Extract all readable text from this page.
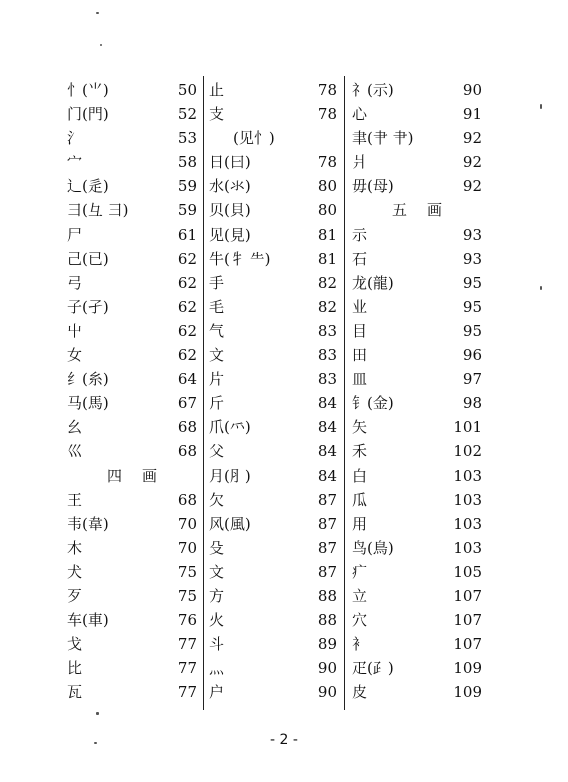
忄(⺌)	50
门(門)	52
氵	53
宀	58
辶(辵)	59
彐(彑 彐)	59
尸	61
己(已)	62
弓	62
子(孑)	62
屮	62
女	62
纟(糸)	64
马(馬)	67
幺	68
巛	68
四 画
王	68
韦(韋)	70
木	70
犬	75
歹	75
车(車)	76
戈	77
比	77
瓦	77
止	78
支	78
(见忄)
日(曰)	78
水(氺)	80
贝(貝)	80
见(見)	81
牛(牜 ⺧)	81
手	82
毛	82
气	83
文	83
片	83
斤	84
爪(⺤)	84
父	84
月(⺼)	84
欠	87
风(風)	87
殳	87
文	87
方	88
火	88
斗	89
灬	90
户	90
礻(示)	90
心	91
聿(⺺ 肀)	92
爿	92
毋(母)	92
五 画
示	93
石	93
龙(龍)	95
业	95
目	95
田	96
皿	97
钅(金)	98
矢	101
禾	102
白	103
瓜	103
用	103
鸟(鳥)	103
疒	105
立	107
穴	107
衤	107
疋(⺪)	109
皮	109
- 2 -
